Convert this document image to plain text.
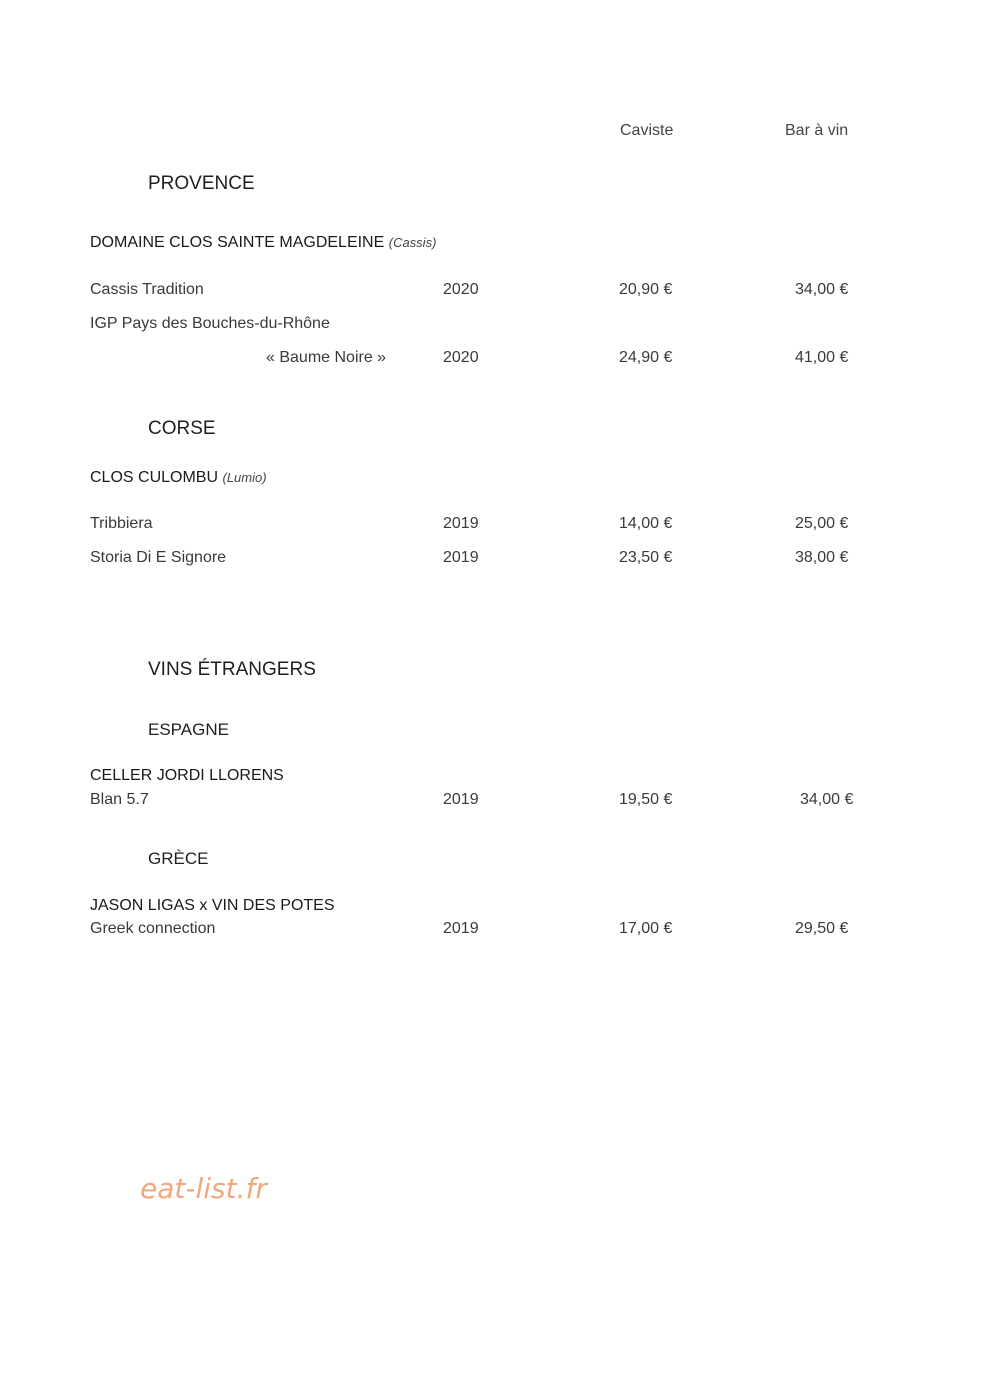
Caviste	Bar à vin
PROVENCE
DOMAINE CLOS SAINTE MAGDELEINE (Cassis)
Cassis Tradition	2020	20,90 €	34,00 €
IGP Pays des Bouches-du-Rhône
« Baume Noire »	2020	24,90 €	41,00 €
CORSE
CLOS CULOMBU (Lumio)
Tribbiera	2019	14,00 €	25,00 €
Storia Di E Signore	2019	23,50 €	38,00 €
VINS ÉTRANGERS
ESPAGNE
CELLER JORDI LLORENS
Blan 5.7	2019	19,50 €	34,00 €
GRÈCE
JASON LIGAS x VIN DES POTES
Greek connection	2019	17,00 €	29,50 €
eat-list.fr
